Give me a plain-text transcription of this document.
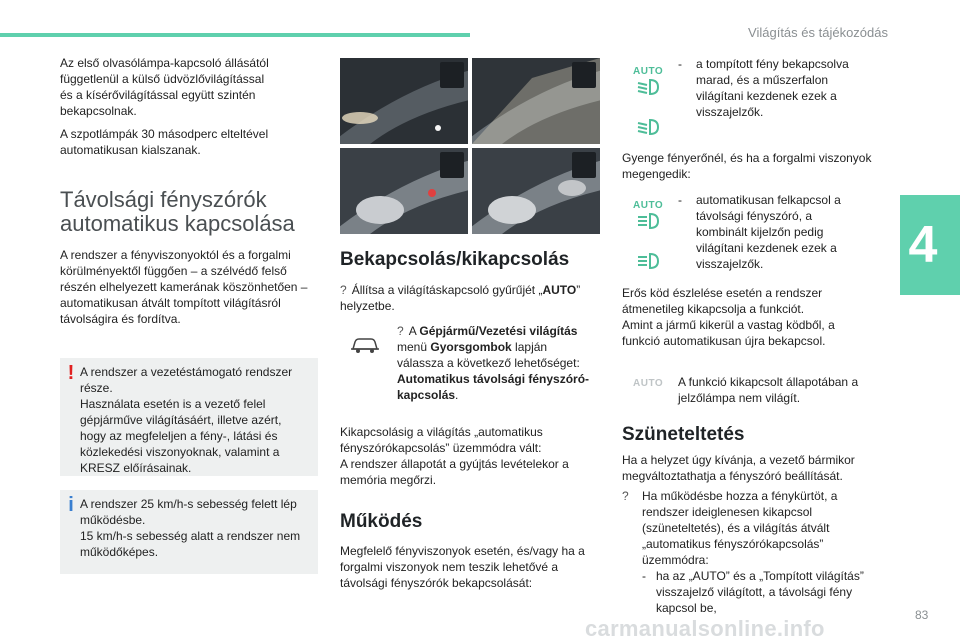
Világítás és tájékozódás
4
83
carmanualsonline.info
Az első olvasólámpa-kapcsoló állásától függetlenül a külső üdvözlővilágítással és a kísérővilágítással együtt szintén bekapcsolnak.
A szpotlámpák 30 másodperc elteltével automatikusan kialszanak.
Távolsági fényszórók automatikus kapcsolása
A rendszer a fényviszonyoktól és a forgalmi körülményektől függően – a szélvédő felső részén elhelyezett kamerának köszönhetően – automatikusan átvált tompított világításról távolságira és fordítva.
! A rendszer a vezetéstámogató rendszer része.
Használata esetén is a vezető felel gépjárműve világításáért, illetve azért, hogy az megfeleljen a fény-, látási és közlekedési viszonyoknak, valamint a KRESZ előírásainak.
i A rendszer 25 km/h-s sebesség felett lép működésbe.
15 km/h-s sebesség alatt a rendszer nem működőképes.
Bekapcsolás/kikapcsolás
? Állítsa a világításkapcsoló gyűrűjét „AUTO” helyzetbe.
? A Gépjármű/Vezetési világítás menü Gyorsgombok lapján válassza a következő lehetőséget: Automatikus távolsági fényszóró-kapcsolás.
Kikapcsolásig a világítás „automatikus fényszórókapcsolás” üzemmódra vált:
A rendszer állapotát a gyújtás levételekor a memória megőrzi.
Működés
Megfelelő fényviszonyok esetén, és/vagy ha a forgalmi viszonyok nem teszik lehetővé a távolsági fényszórók bekapcsolását:
AUTO
-	a tompított fény bekapcsolva marad, és a műszerfalon világítani kezdenek ezek a visszajelzők.
Gyenge fényerőnél, és ha a forgalmi viszonyok megengedik:
AUTO -	automatikusan felkapcsol a távolsági fényszóró, a kombinált kijelzőn pedig világítani kezdenek ezek a visszajelzők.
Erős köd észlelése esetén a rendszer átmenetileg kikapcsolja a funkciót.
Amint a jármű kikerül a vastag ködből, a funkció automatikusan újra bekapcsol.
AUTO A funkció kikapcsolt állapotában a jelzőlámpa nem világít.
Szüneteltetés
Ha a helyzet úgy kívánja, a vezető bármikor megváltoztathatja a fényszóró beállítását.
?	Ha működésbe hozza a fénykürtöt, a rendszer ideiglenesen kikapcsol (szüneteltetés), és a világítás átvált „automatikus fényszórókapcsolás” üzemmódra:
- ha az „AUTO” és a „Tompított világítás” visszajelző világított, a távolsági fény kapcsol be,
